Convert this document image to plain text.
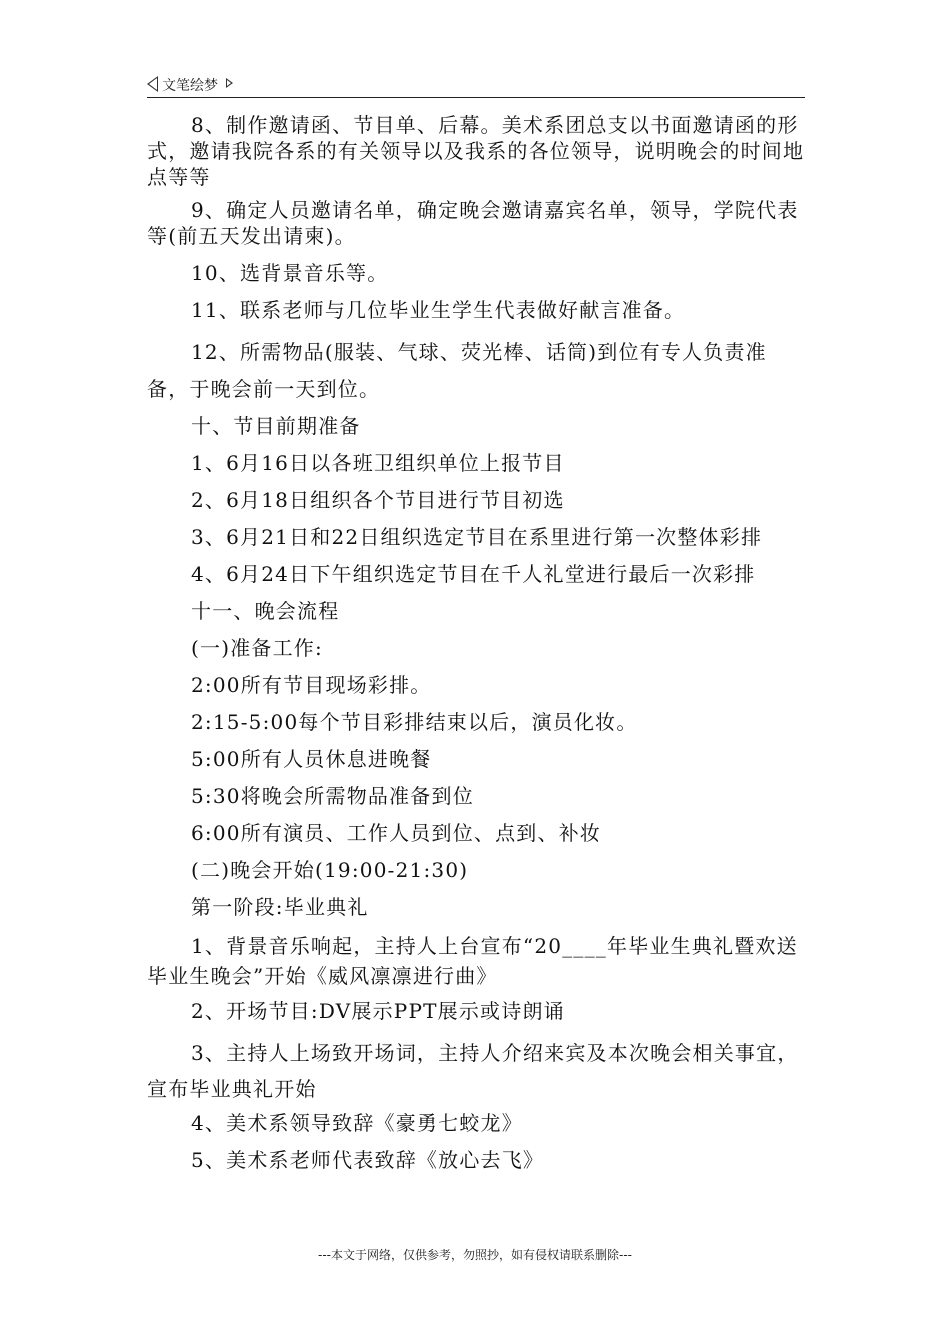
文笔绘梦

8、制作邀请函、节目单、后幕。美术系团总支以书面邀请函的形式，邀请我院各系的有关领导以及我系的各位领导，说明晚会的时间地点等等

9、确定人员邀请名单，确定晚会邀请嘉宾名单，领导，学院代表等(前五天发出请柬)。

10、选背景音乐等。

11、联系老师与几位毕业生学生代表做好献言准备。

12、所需物品(服装、气球、荧光棒、话筒)到位有专人负责准备，于晚会前一天到位。

十、节目前期准备

1、6月16日以各班卫组织单位上报节目

2、6月18日组织各个节目进行节目初选

3、6月21日和22日组织选定节目在系里进行第一次整体彩排

4、6月24日下午组织选定节目在千人礼堂进行最后一次彩排

十一、晚会流程

(一)准备工作:

2:00所有节目现场彩排。

2:15-5:00每个节目彩排结束以后，演员化妆。

5:00所有人员休息进晚餐

5:30将晚会所需物品准备到位

6:00所有演员、工作人员到位、点到、补妆

(二)晚会开始(19:00-21:30)

第一阶段:毕业典礼

1、背景音乐响起，主持人上台宣布“20____年毕业生典礼暨欢送毕业生晚会”开始《威风凛凛进行曲》

2、开场节目:DV展示PPT展示或诗朗诵

3、主持人上场致开场词，主持人介绍来宾及本次晚会相关事宜，宣布毕业典礼开始

4、美术系领导致辞《豪勇七蛟龙》

5、美术系老师代表致辞《放心去飞》

---本文于网络，仅供参考，勿照抄，如有侵权请联系删除---
